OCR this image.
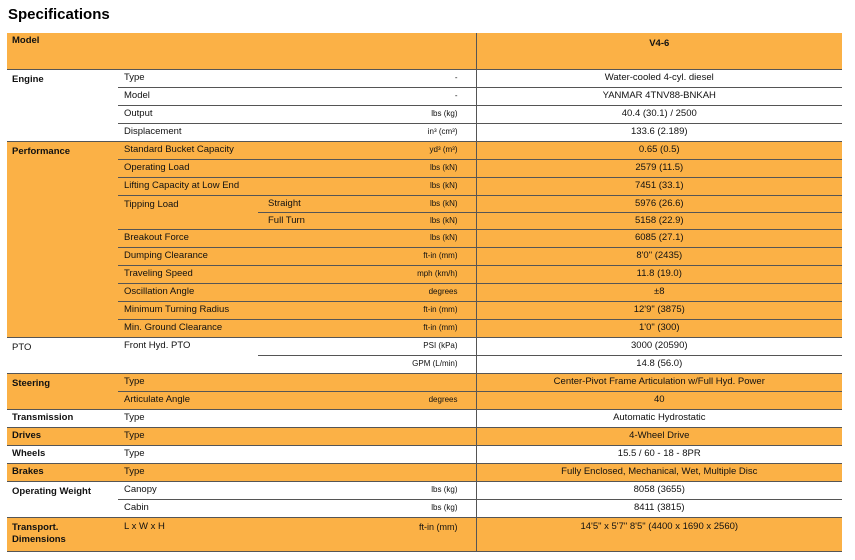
Specifications
Model				V4-6
Engine	Type		-	Water-cooled 4-cyl. diesel
	Model		-	YANMAR 4TNV88-BNKAH
	Output		lbs (kg)	40.4 (30.1) / 2500
	Displacement		in³ (cm³)	133.6 (2.189)
Performance	Standard Bucket Capacity		yd³ (m³)	0.65 (0.5)
	Operating Load		lbs (kN)	2579 (11.5)
	Lifting Capacity at Low End		lbs (kN)	7451 (33.1)
	Tipping Load	Straight	lbs (kN)	5976 (26.6)
		Full Turn	lbs (kN)	5158 (22.9)
	Breakout Force		lbs (kN)	6085 (27.1)
	Dumping Clearance		ft-in (mm)	8'0" (2435)
	Traveling Speed		mph (km/h)	11.8 (19.0)
	Oscillation Angle		degrees	±8
	Minimum Turning Radius		ft-in (mm)	12'9" (3875)
	Min. Ground Clearance		ft-in (mm)	1'0" (300)
PTO	Front Hyd. PTO	PSI (kPa)		3000 (20590)
		GPM (L/min)		14.8 (56.0)
Steering	Type			Center-Pivot Frame Articulation w/Full Hyd. Power
	Articulate Angle		degrees	40
Transmission	Type			Automatic Hydrostatic
Drives	Type			4-Wheel Drive
Wheels	Type			15.5 / 60 - 18 - 8PR
Brakes	Type			Fully Enclosed, Mechanical, Wet, Multiple Disc
Operating Weight	Canopy		lbs (kg)	8058 (3655)
	Cabin		lbs (kg)	8411 (3815)
Transport.
Dimensions	L x W x H		ft-in (mm)	14'5" x 5'7" 8'5" (4400 x 1690 x 2560)
